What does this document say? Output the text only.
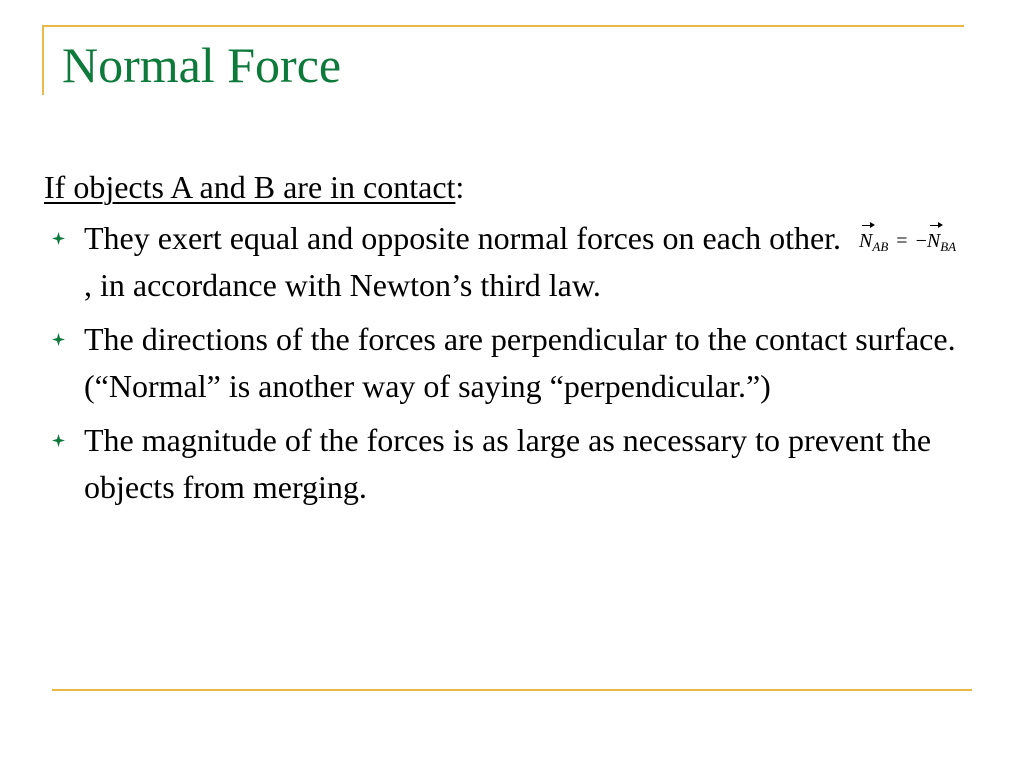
Normal Force

If objects A and B are in contact:

They exert equal and opposite normal forces on each other. $N_{AB} = -N_{BA}$, in accordance with Newton’s third law.
The directions of the forces are perpendicular to the contact surface. (“Normal” is another way of saying “perpendicular.”)
The magnitude of the forces is as large as necessary to prevent the objects from merging.
